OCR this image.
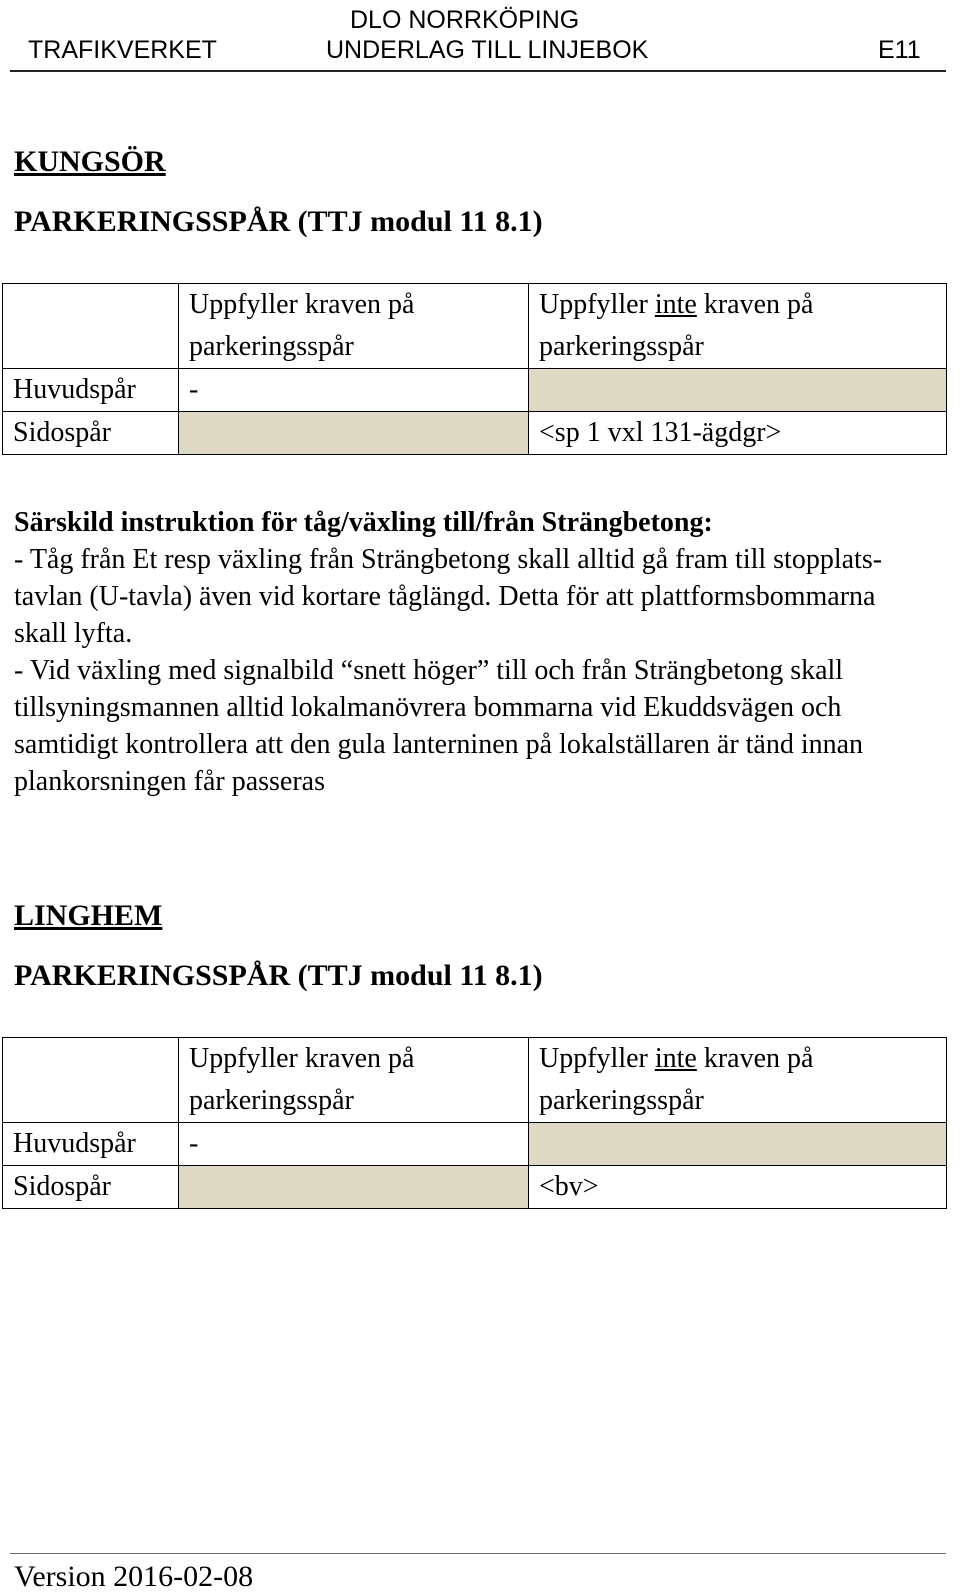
TRAFIKVERKET
DLO NORRKÖPING
UNDERLAG TILL LINJEBOK	E11
KUNGSÖR
PARKERINGSSPÅR (TTJ modul 11 8.1)
	Uppfyller kraven på parkeringsspår	Uppfyller inte kraven på parkeringsspår
Huvudspår	-	
Sidospår		<sp 1 vxl 131-ägdgr>

Särskild instruktion för tåg/växling till/från Strängbetong:

- Tåg från Et resp växling från Strängbetong skall alltid gå fram till stopplats-tavlan (U-tavla) även vid kortare tåglängd. Detta för att plattformsbommarna skall lyfta.

- Vid växling med signalbild “snett höger” till och från Strängbetong skall tillsyningsmannen alltid lokalmanövrera bommarna vid Ekuddsvägen och samtidigt kontrollera att den gula lanterninen på lokalställaren är tänd innan plankorsningen får passeras

LINGHEM
PARKERINGSSPÅR (TTJ modul 11 8.1)
	Uppfyller kraven på parkeringsspår	Uppfyller inte kraven på parkeringsspår
Huvudspår	-	
Sidospår		<bv>
Version 2016-02-08
